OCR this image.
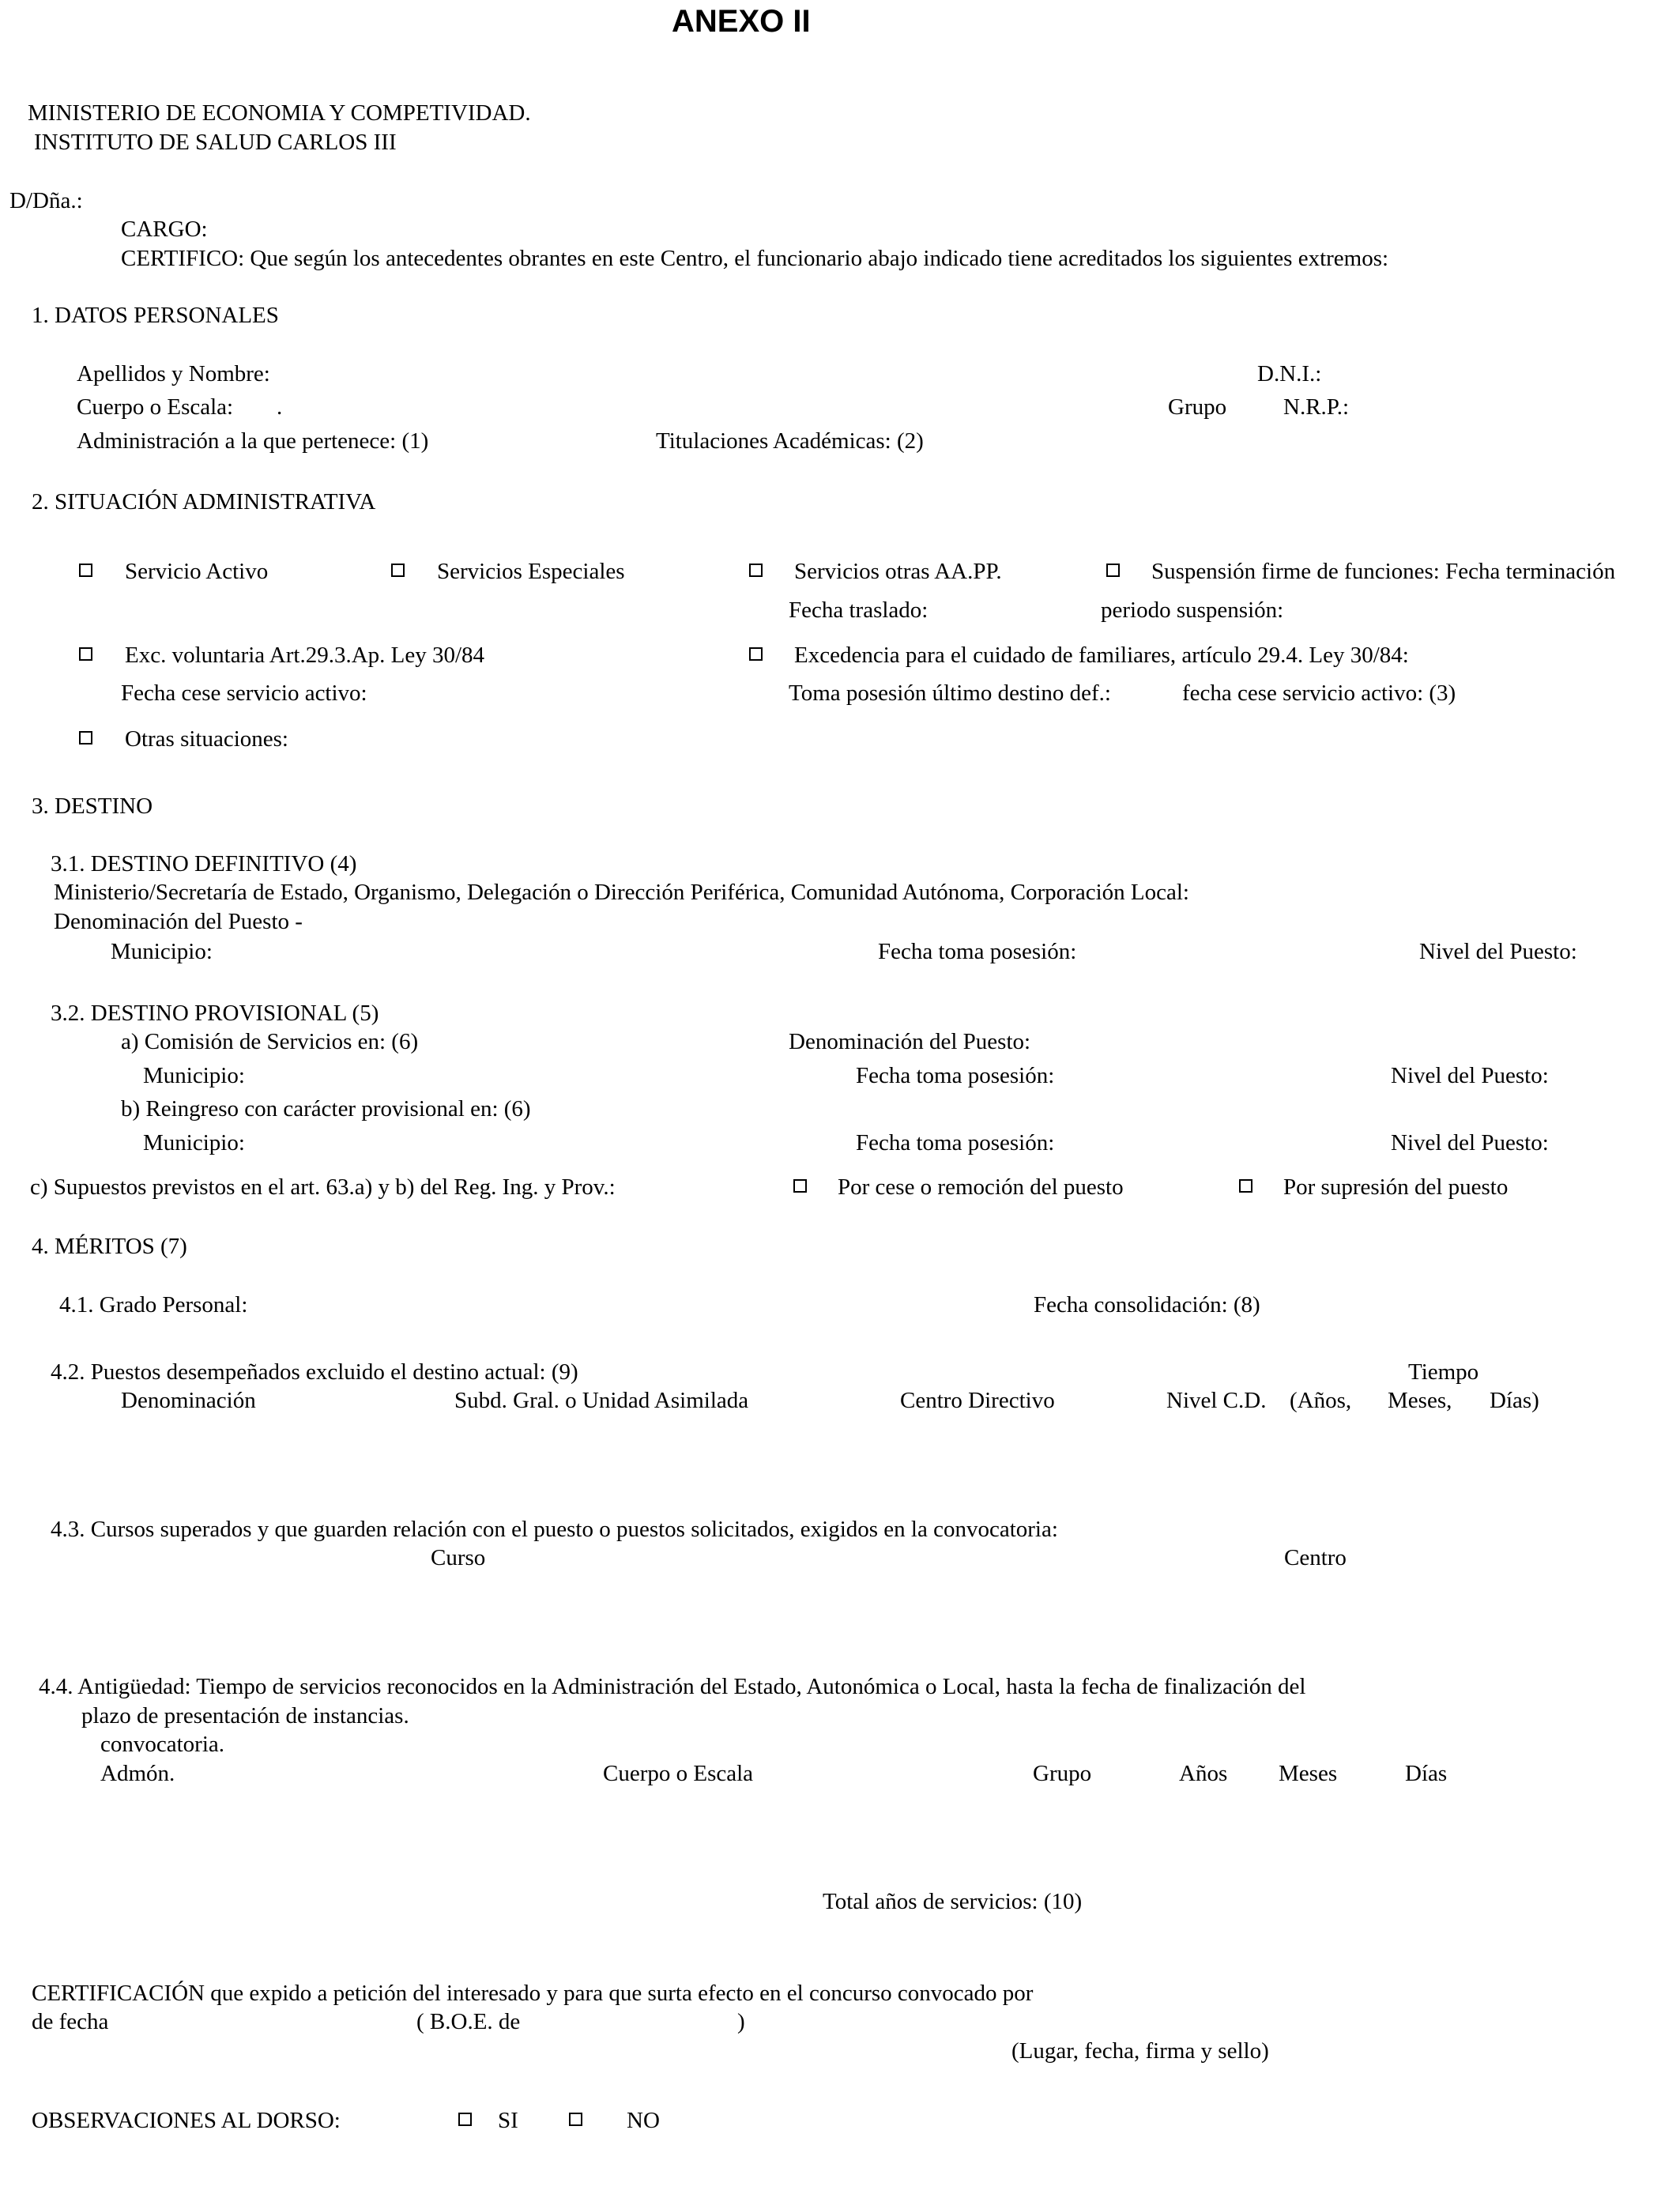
ANEXO II
MINISTERIO DE ECONOMIA Y COMPETIVIDAD.
INSTITUTO DE SALUD CARLOS III
D/Dña.:
CARGO:
CERTIFICO: Que según los antecedentes obrantes en este Centro, el funcionario abajo indicado tiene acreditados los siguientes extremos:
1. DATOS PERSONALES
Apellidos y Nombre:	D.N.I.:
Cuerpo o Escala: .	Grupo N.R.P.:
Administración a la que pertenece: (1)	Titulaciones Académicas: (2)
2. SITUACIÓN ADMINISTRATIVA
Servicio Activo	Servicios Especiales	Servicios otras AA.PP.	Suspensión firme de funciones: Fecha terminación
Fecha traslado:	periodo suspensión:
Exc. voluntaria Art.29.3.Ap. Ley 30/84	Excedencia para el cuidado de familiares, artículo 29.4. Ley 30/84:
Fecha cese servicio activo:	Toma posesión último destino def.:	fecha cese servicio activo: (3)
Otras situaciones:
3. DESTINO
3.1. DESTINO DEFINITIVO (4)
Ministerio/Secretaría de Estado, Organismo, Delegación o Dirección Periférica, Comunidad Autónoma, Corporación Local:
Denominación del Puesto -
Municipio:	Fecha toma posesión:	Nivel del Puesto:
3.2. DESTINO PROVISIONAL (5)
a) Comisión de Servicios en: (6)	Denominación del Puesto:
Municipio:	Fecha toma posesión:	Nivel del Puesto:
b) Reingreso con carácter provisional en: (6)
Municipio:	Fecha toma posesión:	Nivel del Puesto:
c) Supuestos previstos en el art. 63.a) y b) del Reg. Ing. y Prov.:	Por cese o remoción del puesto	Por supresión del puesto
4. MÉRITOS (7)
4.1. Grado Personal:	Fecha consolidación: (8)
4.2. Puestos desempeñados excluido el destino actual: (9)	Tiempo
Denominación	Subd. Gral. o Unidad Asimilada	Centro Directivo	Nivel C.D. (Años, Meses, Días)
4.3. Cursos superados y que guarden relación con el puesto o puestos solicitados, exigidos en la convocatoria:
Curso	Centro
4.4. Antigüedad: Tiempo de servicios reconocidos en la Administración del Estado, Autonómica o Local, hasta la fecha de finalización del
plazo de presentación de instancias.
convocatoria.
Admón.	Cuerpo o Escala	Grupo	Años Meses	Días
Total años de servicios: (10)
CERTIFICACIÓN que expido a petición del interesado y para que surta efecto en el concurso convocado por
de fecha	( B.O.E. de	)
(Lugar, fecha, firma y sello)
OBSERVACIONES AL DORSO:	SI	NO
